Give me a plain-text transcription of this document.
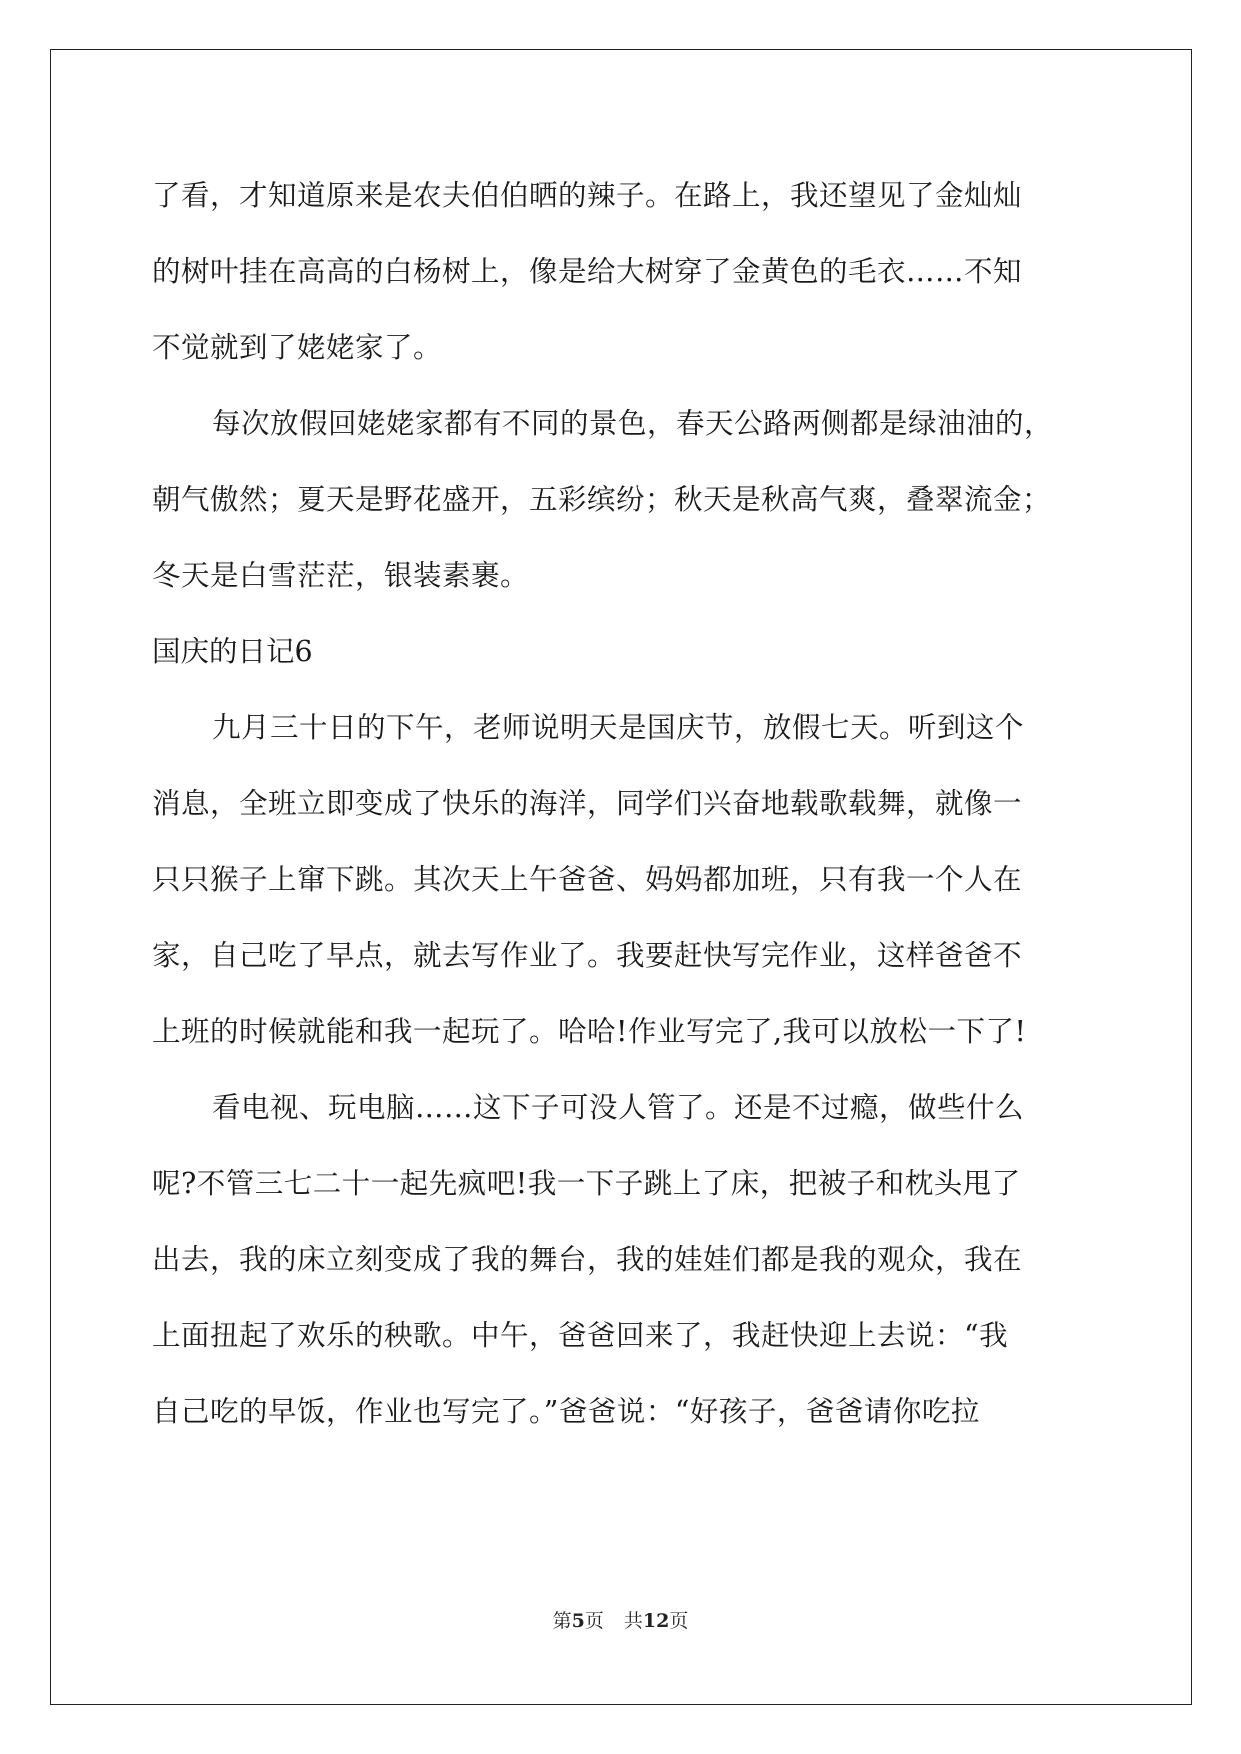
了看，才知道原来是农夫伯伯晒的辣子。在路上，我还望见了金灿灿
的树叶挂在高高的白杨树上，像是给大树穿了金黄色的毛衣……不知
不觉就到了姥姥家了。
每次放假回姥姥家都有不同的景色，春天公路两侧都是绿油油的，
朝气傲然；夏天是野花盛开，五彩缤纷；秋天是秋高气爽，叠翠流金；
冬天是白雪茫茫，银装素裹。
国庆的日记6
九月三十日的下午，老师说明天是国庆节，放假七天。听到这个
消息，全班立即变成了快乐的海洋，同学们兴奋地载歌载舞，就像一
只只猴子上窜下跳。其次天上午爸爸、妈妈都加班，只有我一个人在
家，自己吃了早点，就去写作业了。我要赶快写完作业，这样爸爸不
上班的时候就能和我一起玩了。哈哈!作业写完了,我可以放松一下了!
看电视、玩电脑……这下子可没人管了。还是不过瘾，做些什么
呢?不管三七二十一起先疯吧!我一下子跳上了床，把被子和枕头甩了
出去，我的床立刻变成了我的舞台，我的娃娃们都是我的观众，我在
上面扭起了欢乐的秧歌。中午，爸爸回来了，我赶快迎上去说：“我
自己吃的早饭，作业也写完了。”爸爸说：“好孩子，爸爸请你吃拉
第5页 共12页
